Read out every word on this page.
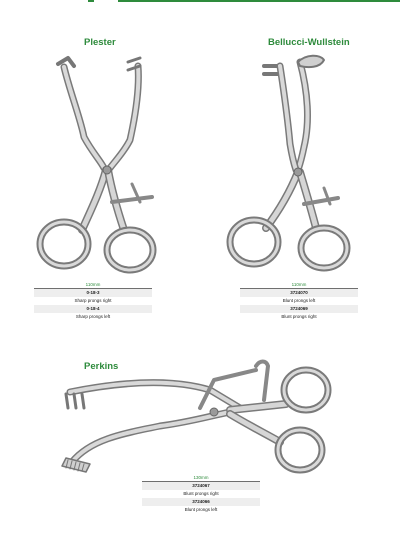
Plester
110mm
0-18-3
Sharp prongs right
0-18-4
Sharp prongs left
Bellucci-Wullstein
110mm
3724070
Blunt prongs left
3724069
Blunt prongs right
Perkins
130mm
3724067
Blunt prongs right
3724066
Blunt prongs left
